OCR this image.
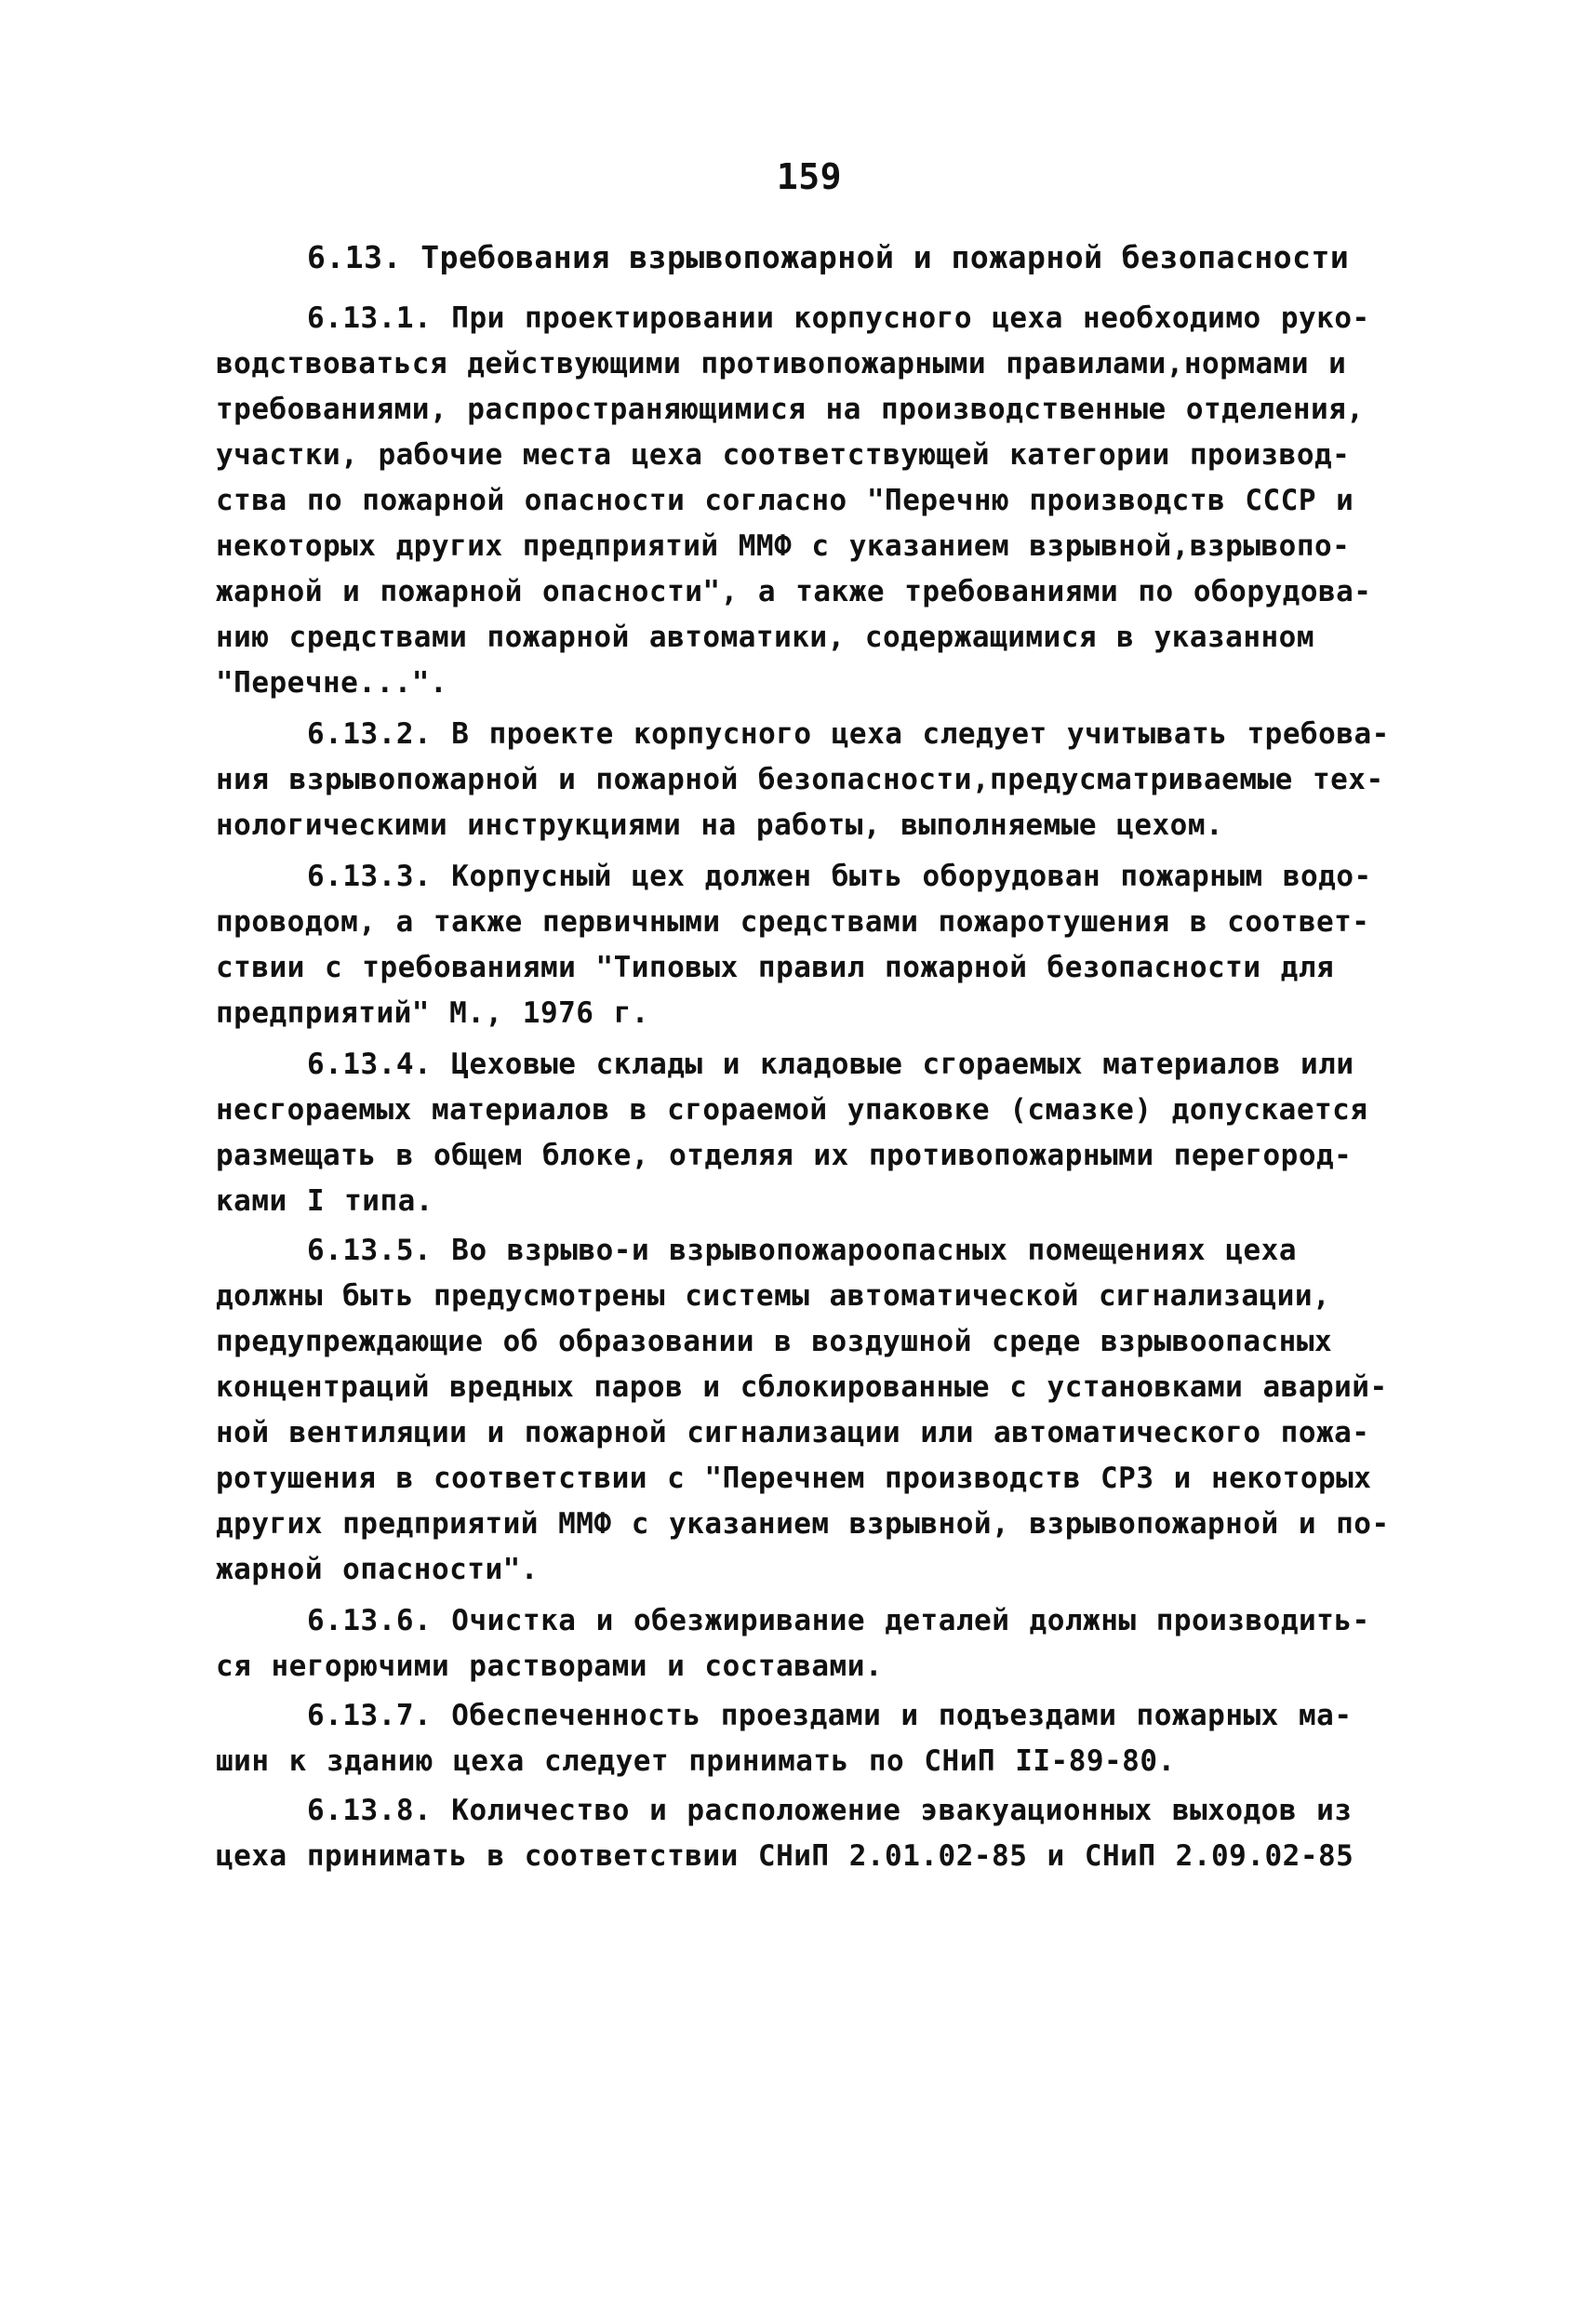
159
6.13. Требования взрывопожарной и пожарной безопасности
6.13.1. При проектировании корпусного цеха необходимо руко-
водствоваться действующими противопожарными правилами,нормами и
требованиями, распространяющимися на производственные отделения,
участки, рабочие места цеха соответствующей категории производ-
ства по пожарной опасности согласно "Перечню производств СССР и
некоторых других предприятий ММФ с указанием взрывной,взрывопо-
жарной и пожарной опасности", а также требованиями по оборудова-
нию средствами пожарной автоматики, содержащимися в указанном
"Перечне...".
6.13.2. В проекте корпусного цеха следует учитывать требова-
ния взрывопожарной и пожарной безопасности,предусматриваемые тех-
нологическими инструкциями на работы, выполняемые цехом.
6.13.3. Корпусный цех должен быть оборудован пожарным водо-
проводом, а также первичными средствами пожаротушения в соответ-
ствии с требованиями "Типовых правил пожарной безопасности для
предприятий" М., 1976 г.
6.13.4. Цеховые склады и кладовые сгораемых материалов или
несгораемых материалов в сгораемой упаковке (смазке) допускается
размещать в общем блоке, отделяя их противопожарными перегород-
ками I типа.
6.13.5. Во взрыво-и взрывопожароопасных помещениях цеха
должны быть предусмотрены системы автоматической сигнализации,
предупреждающие об образовании в воздушной среде взрывоопасных
концентраций вредных паров и сблокированные с установками аварий-
ной вентиляции и пожарной сигнализации или автоматического пожа-
ротушения в соответствии с "Перечнем производств СРЗ и некоторых
других предприятий ММФ с указанием взрывной, взрывопожарной и по-
жарной опасности".
6.13.6. Очистка и обезжиривание деталей должны производить-
ся негорючими растворами и составами.
6.13.7. Обеспеченность проездами и подъездами пожарных ма-
шин к зданию цеха следует принимать по СНиП II-89-80.
6.13.8. Количество и расположение эвакуационных выходов из
цеха принимать в соответствии СНиП 2.01.02-85 и СНиП 2.09.02-85
